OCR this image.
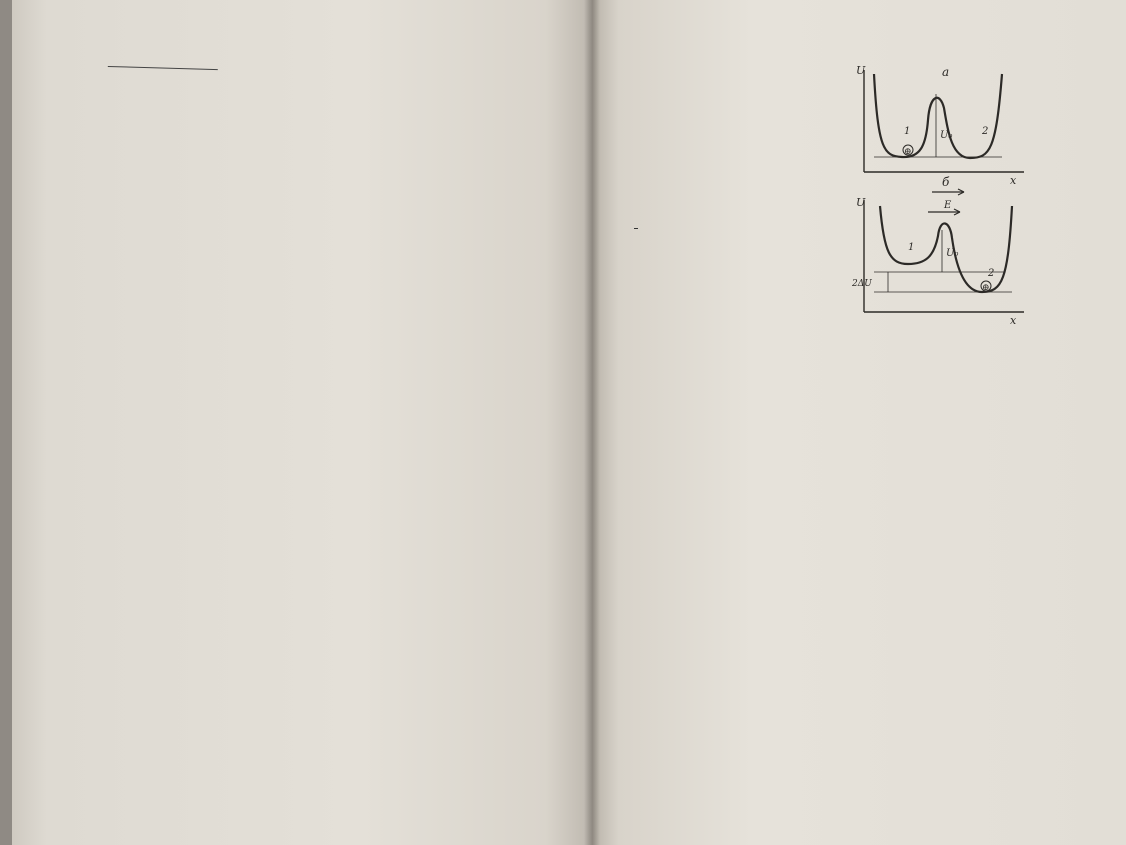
⊕
U
x
а
1	2
U₀
⊕
U
x
б
E
1
2
U₀
2ΔU
